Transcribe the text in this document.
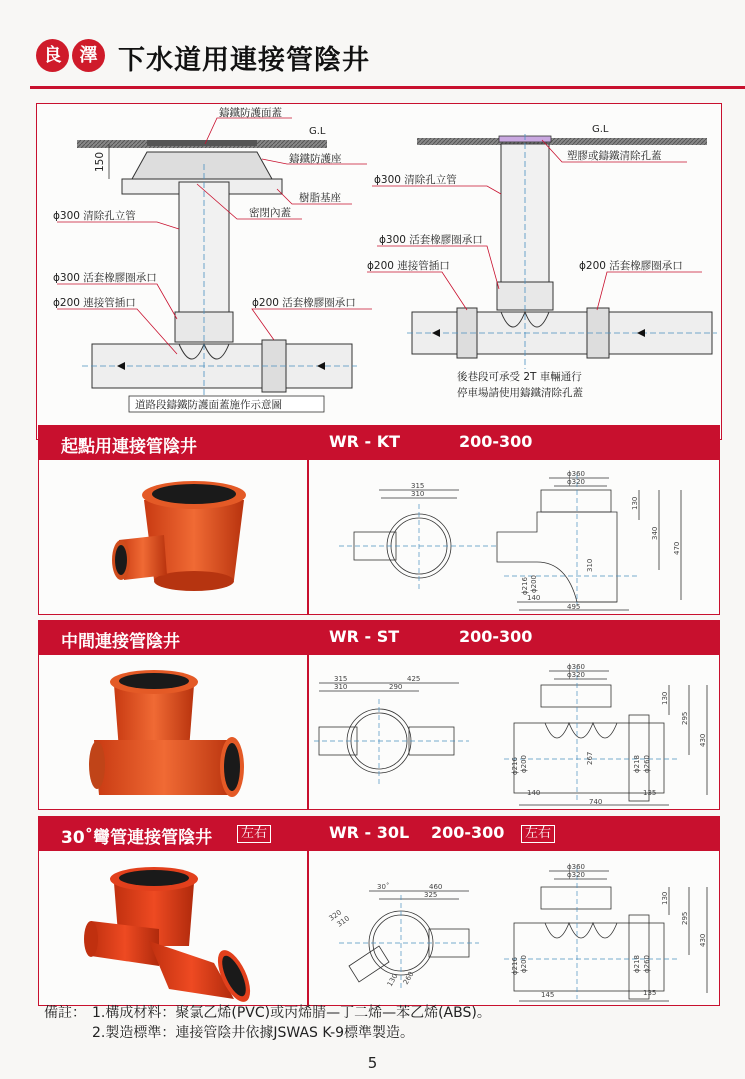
良	澤 下水道用連接管陰井
G.L
150
鑄鐵防護面蓋
鑄鐵防護座
樹脂基座
密閉內蓋
ϕ300 清除孔立管
ϕ300 活套橡膠圈承口
ϕ200 連接管插口	ϕ200 活套橡膠圈承口
道路段鑄鐵防護面蓋施作示意圖
G.L
塑膠或鑄鐵清除孔蓋
ϕ300 清除孔立管
ϕ300 活套橡膠圈承口
ϕ200 連接管插口	ϕ200 活套橡膠圈承口
後巷段可承受 2T 車輛通行
停車場請使用鑄鐵清除孔蓋
起點用連接管陰井	WR - KT	200-300
ϕ360
ϕ320
315
310
130
340
470
310
ϕ216 ϕ200
140
495
中間連接管陰井	WR - ST	200-300
ϕ360
ϕ320
315
310
425
290
130
295
430
267
ϕ216 ϕ200	ϕ218 ϕ260
140	135
740
30˚彎管連接管陰井	左右	WR - 30L 200-300	左右
ϕ360
ϕ320
30˚	460
325
320
310
130
295
430
ϕ216 ϕ200	ϕ218 ϕ260
145	135
130 260
備註： 1.構成材料：聚氯乙烯(PVC)或丙烯腈—丁二烯—苯乙烯(ABS)。
2.製造標準：連接管陰井依據JSWAS K-9標準製造。
5
